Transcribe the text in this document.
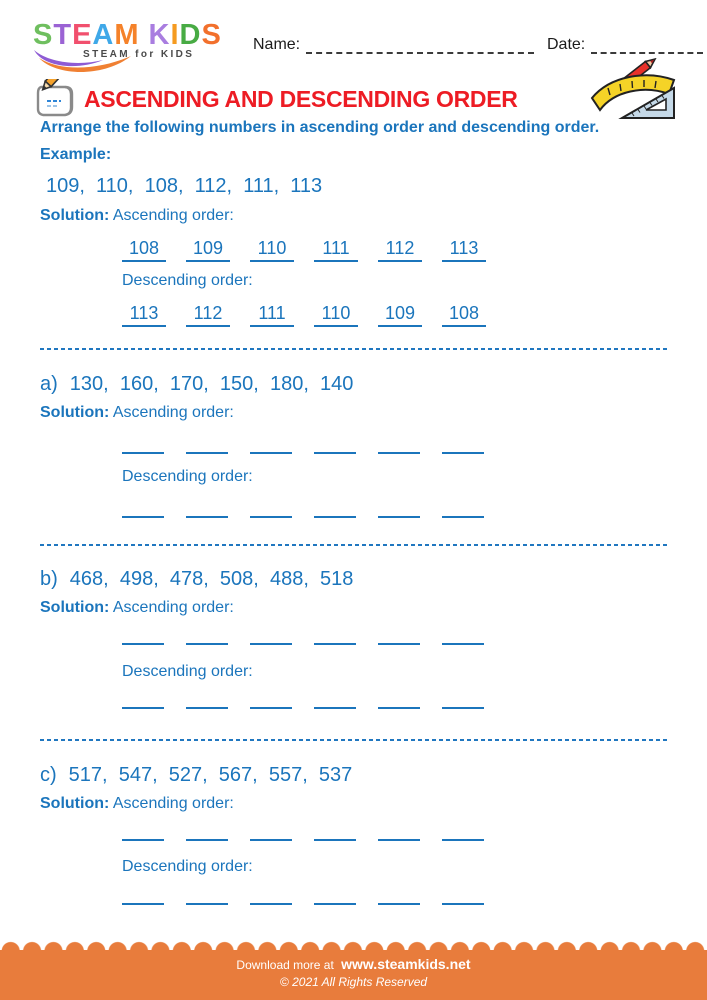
STEAM KIDS
STEAM for KIDS
Name:	Date:
ASCENDING AND DESCENDING ORDER
Arrange the following numbers in ascending order and descending order.
Example:
109,  110,  108,  112,  111,  113
Solution: Ascending order:
108	109	110	111	112	113
Descending order:
113	112	111	110	109	108
a) 130,  160,  170,  150,  180,  140
Solution: Ascending order:
Descending order:
b) 468,  498,  478,  508,  488,  518
Solution: Ascending order:
Descending order:
c) 517,  547,  527,  567,  557,  537
Solution: Ascending order:
Descending order:
Download more at www.steamkids.net
© 2021 All Rights Reserved
